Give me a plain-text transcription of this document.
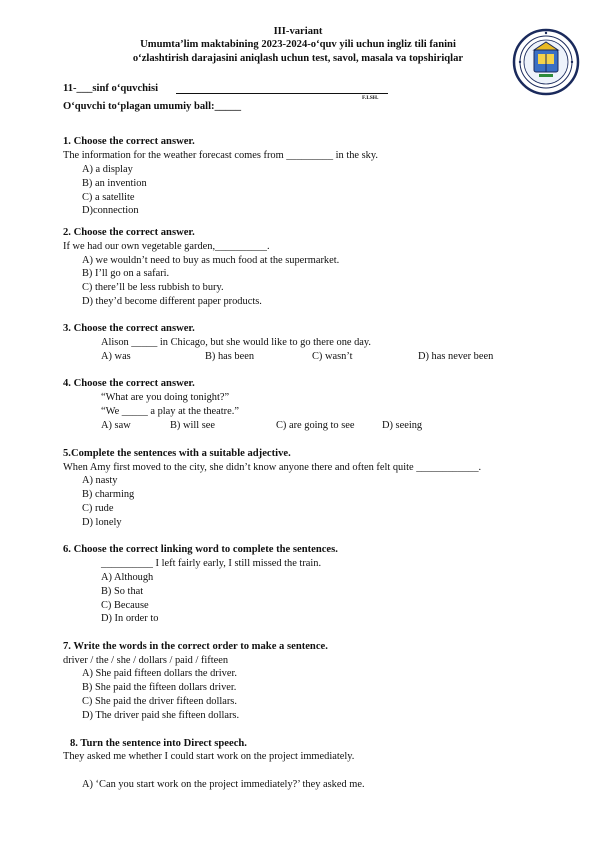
III-variant
Umumta’lim maktabining 2023-2024-o‘quv yili uchun ingliz tili fanini
o‘zlashtirish darajasini aniqlash uchun test, savol, masala va topshiriqlar
11-___sinf o‘quvchisi
F.I.SH.
O‘quvchi to‘plagan umumiy ball:_____
1. Choose the correct answer.
The information for the weather forecast comes from _________ in the sky.
A) a display
B) an invention
C) a satellite
D)connection
2. Choose the correct answer.
If we had our own vegetable garden,__________.
A) we wouldn’t need to buy as much food at the supermarket.
B) I’ll go on a safari.
C) there’ll be less rubbish to bury.
D) they’d become different paper products.
3. Choose the correct answer.
Alison _____ in Chicago, but she would like to go there one day.
A) was	B) has been	C) wasn’t	D) has never been
4. Choose the correct answer.
“What are you doing tonight?”
“We _____ a play at the theatre.”
A) saw	B) will see	C) are going to see	D) seeing
5.Complete the sentences with a suitable adjective.
When Amy first moved to the city, she didn’t know anyone there and often felt quite ____________.
A) nasty
B) charming
C) rude
D) lonely
6. Choose the correct linking word to complete the sentences.
__________ I left fairly early, I still missed the train.
A) Although
B) So that
C) Because
D) In order to
7. Write the words in the correct order to make a sentence.
driver / the / she / dollars / paid / fifteen
A) She paid fifteen dollars the driver.
B) She paid the fifteen dollars driver.
C) She paid the driver fifteen dollars.
D) The driver paid she fifteen dollars.
8. Turn the sentence into Direct speech.
They asked me whether I could start work on the project immediately.
A) ‘Can you start work on the project immediately?’ they asked me.
